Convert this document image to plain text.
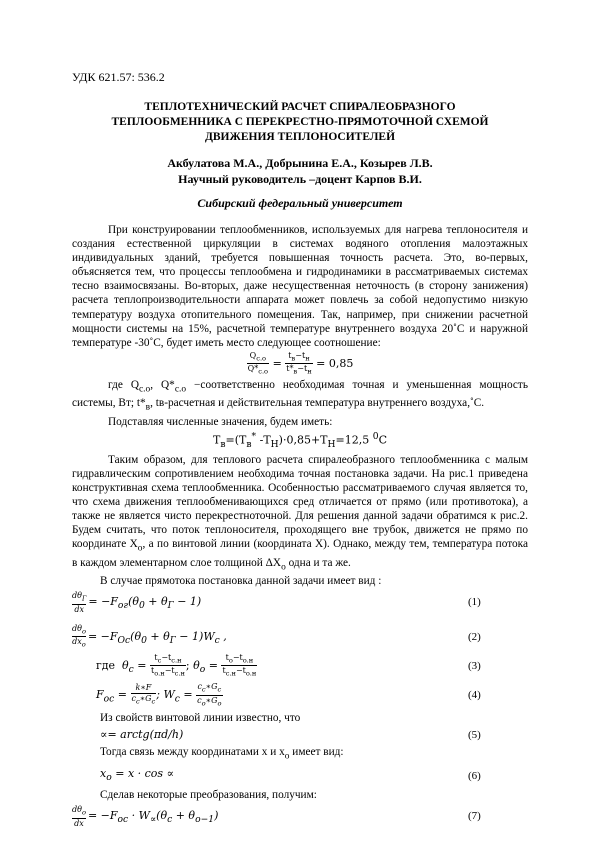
УДК 621.57: 536.2
ТЕПЛОТЕХНИЧЕСКИЙ РАСЧЕТ СПИРАЛЕОБРАЗНОГО
ТЕПЛООБМЕННИКА С ПЕРЕКРЕСТНО-ПРЯМОТОЧНОЙ СХЕМОЙ
ДВИЖЕНИЯ ТЕПЛОНОСИТЕЛЕЙ
Акбулатова М.А., Добрынина Е.А., Козырев Л.В.
Научный руководитель –доцент Карпов В.И.
Сибирский федеральный университет

При конструировании теплообменников, используемых для нагрева теплоносителя и создания естественной циркуляции в системах водяного отопления малоэтажных индивидуальных зданий, требуется повышенная точность расчета. Это, во-первых, объясняется тем, что процессы теплообмена и гидродинамики в рассматриваемых системах тесно взаимосвязаны. Во-вторых, даже несущественная неточность (в сторону занижения) расчета теплопроизводительности аппарата может повлечь за собой недопустимо низкую температуру воздуха отопительного помещения. Так, например, при снижении расчетной мощности системы на 15%, расчетной температуре внутреннего воздуха 20˚С и наружной температуре -30˚С, будет иметь место следующее соотношение:

$\frac{Q_{c.o}}{Q*_{c.o}} = \frac{t_в-t_н}{t*_в-t_н} = 0,85$

где $Q_{c.o}$, $Q*_{c.o}$ −соответственно необходимая точная и уменьшенная мощность системы, Вт; $t*_в$, tв-расчетная и действительная температура внутреннего воздуха,˚С.

Подставляя численные значения, будем иметь:

$Т_в=(Т_в^*$ $-Т_Н)\cdot 0,85+Т_Н=12,5$ $^0$С

Таким образом, для теплового расчета спиралеобразного теплообменника с малым гидравлическим сопротивлением необходима точная постановка задачи. На рис.1 приведена конструктивная схема теплообменника. Особенностью рассматриваемого случая является то, что схема движения теплообменивающихся сред отличается от прямо (или противотока), а также не является чисто перекрестноточной. Для решения данной задачи обратимся к рис.2. Будем считать, что поток теплоносителя, проходящего вне трубок, движется не прямо по координате $X_o$, а по винтовой линии (координата X). Однако, между тем, температура потока в каждом элементарном слое толщиной $\Delta X_o$ одна и та же.

В случае прямотока постановка данной задачи имеет вид :

$d\theta_Г$
$dx= -F_{ог}(\theta_0 + \theta_Г - 1)$	(1)
$d\theta_o$
$dx_o= -F_{Oc}(\theta_0 + \theta_Г - 1)W_c$ ,	(2)
где $\theta_c = \frac{t_c-t_{c.н}}{t_{o.н}-t_{c.н}}$ ; $\theta_o = \frac{t_o-t_{o.н}}{t_{c.н}-t_{o.н}}$	(3)
$F_{oc} = \frac{k∗F}{c_c∗G_c}$ ; $W_c = \frac{c_c∗G_c}{c_o∗G_o}$	(4)

Из свойств винтовой линии известно, что

∝= arctg(πd/h)	(5)

Тогда связь между координатами x и $x_o$ имеет вид:

$x_o = x \cdot \cos$ ∝	(6)

Сделав некоторые преобразования, получим:

$d\theta_o$
$dx= -F_{oc} \cdot W_\propto(\theta_c + \theta_{o-1})$	(7)
